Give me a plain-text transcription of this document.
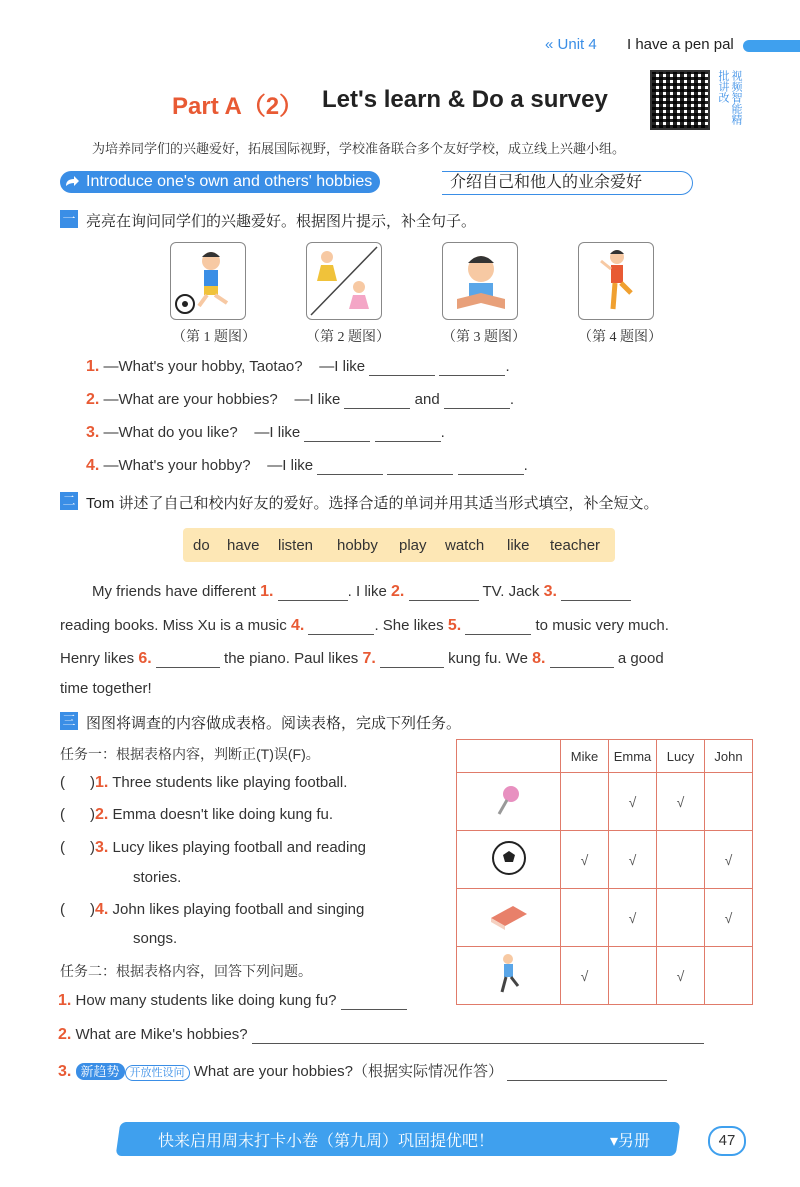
« Unit 4 I have a pen pal
Part A（2） Let's learn & Do a survey	视频智能精批讲改
为培养同学们的兴趣爱好，拓展国际视野，学校准备联合多个友好学校，成立线上兴趣小组。
Introduce one's own and others' hobbies	介绍自己和他人的业余爱好
一 亮亮在询问同学们的兴趣爱好。根据图片提示，补全句子。
（第 1 题图）	（第 2 题图）	（第 3 题图）	（第 4 题图）
1. —What's your hobby, Taotao? —I like	.
2. —What are your hobbies? —I like	and	.
3. —What do you like? —I like	.
4. —What's your hobby? —I like	.
二 Tom 讲述了自己和校内好友的爱好。选择合适的单词并用其适当形式填空，补全短文。
do have listen hobby play watch like teacher
My friends have different 1.	. I like 2.	TV. Jack 3.
reading books. Miss Xu is a music 4.	. She likes 5.	to music very much.
Henry likes 6.	the piano. Paul likes 7.	kung fu. We 8.	a good
time together!
三 图图将调查的内容做成表格。阅读表格，完成下列任务。
任务一：根据表格内容，判断正(T)误(F)。
(      )1. Three students like playing football.
(      )2. Emma doesn't like doing kung fu.
(      )3. Lucy likes playing football and reading
stories.
(      )4. John likes playing football and singing
songs.
任务二：根据表格内容，回答下列问题。
1. How many students like doing kung fu?
2. What are Mike's hobbies?
3. 新趋势 开放性设问 What are your hobbies?（根据实际情况作答）
	Mike	Emma	Lucy	John
		√	√	
	√	√		√
		√		√
	√		√	
快来启用周末打卡小卷（第九周）巩固提优吧！	▾另册	47
